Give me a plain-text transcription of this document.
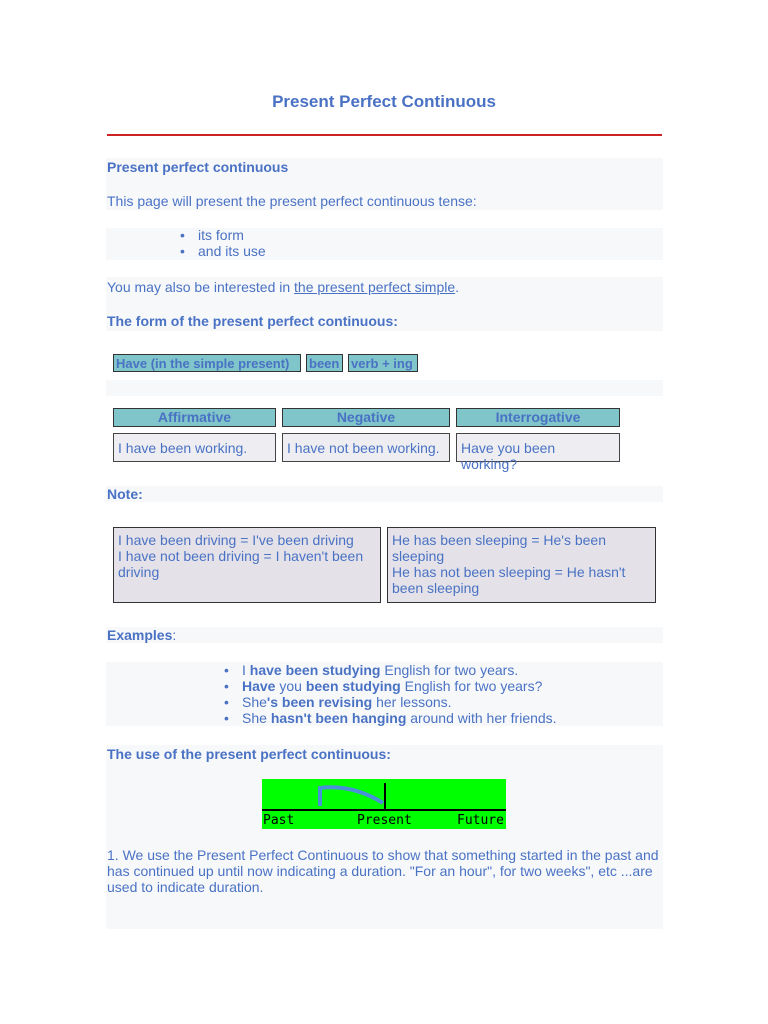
Present Perfect Continuous
Present perfect continuous
This page will present the present perfect continuous tense:
• its form
• and its use
You may also be interested in the present perfect simple.
The form of the present perfect continuous:
Have (in the simple present)	been verb + ing
Affirmative	Negative	Interrogative
I have been working.	I have not been working.	Have you been working?
Note:
I have been driving = I've been driving
I have not been driving = I haven't been driving
He has been sleeping = He's been sleeping
He has not been sleeping = He hasn't been sleeping
Examples:
• I have been studying English for two years.
• Have you been studying English for two years?
• She's been revising her lessons.
• She hasn't been hanging around with her friends.
The use of the present perfect continuous:
Past	Present	Future
1. We use the Present Perfect Continuous to show that something started in the past and has continued up until now indicating a duration. "For an hour", for two weeks", etc ...are used to indicate duration.
